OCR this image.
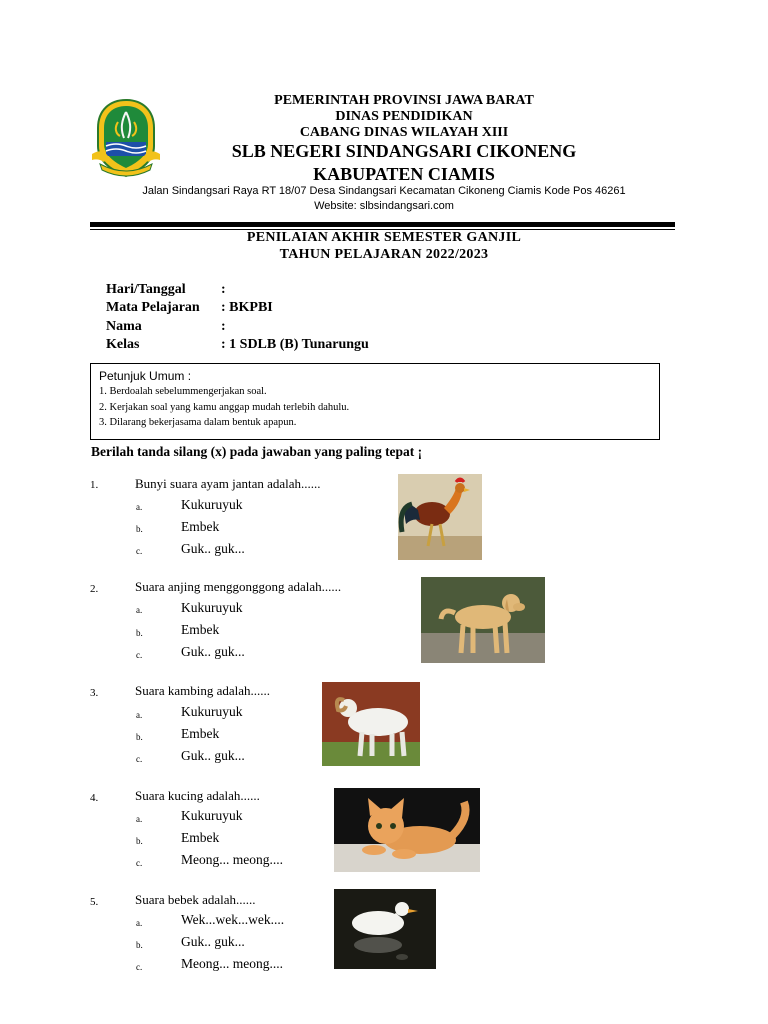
PEMERINTAH PROVINSI JAWA BARAT
DINAS PENDIDIKAN
CABANG DINAS WILAYAH XIII
SLB NEGERI SINDANGSARI CIKONENG
KABUPATEN CIAMIS
Jalan Sindangsari Raya RT 18/07 Desa Sindangsari Kecamatan Cikoneng Ciamis Kode Pos 46261
Website: slbsindangsari.com
PENILAIAN AKHIR SEMESTER GANJIL
TAHUN PELAJARAN 2022/2023
Hari/Tanggal	:
Mata Pelajaran : BKPBI
Nama	:
Kelas	: 1 SDLB (B) Tunarungu
Petunjuk Umum :
1. Berdoalah sebelummengerjakan soal.
2. Kerjakan soal yang kamu anggap mudah terlebih dahulu.
3. Dilarang bekerjasama dalam bentuk apapun.
Berilah tanda silang (x) pada jawaban yang paling tepat ¡
1.	Bunyi suara ayam jantan adalah......
a.	Kukuruyuk
b.	Embek
c.	Guk.. guk...
2.	Suara anjing menggonggong adalah......
a.	Kukuruyuk
b.	Embek
c.	Guk.. guk...
3.	Suara kambing adalah......
a.	Kukuruyuk
b.	Embek
c.	Guk.. guk...
4.	Suara kucing adalah......
a.	Kukuruyuk
b.	Embek
c.	Meong... meong....
5.	Suara bebek adalah......
a.	Wek...wek...wek....
b.	Guk.. guk...
c.	Meong... meong....
